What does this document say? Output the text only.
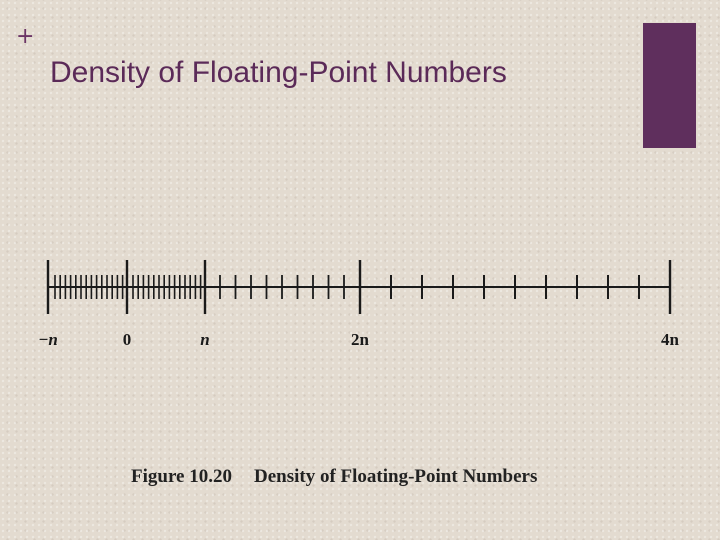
+
Density of Floating-Point Numbers
−n	0	n	2n	4n
Figure 10.20 Density of Floating-Point Numbers
